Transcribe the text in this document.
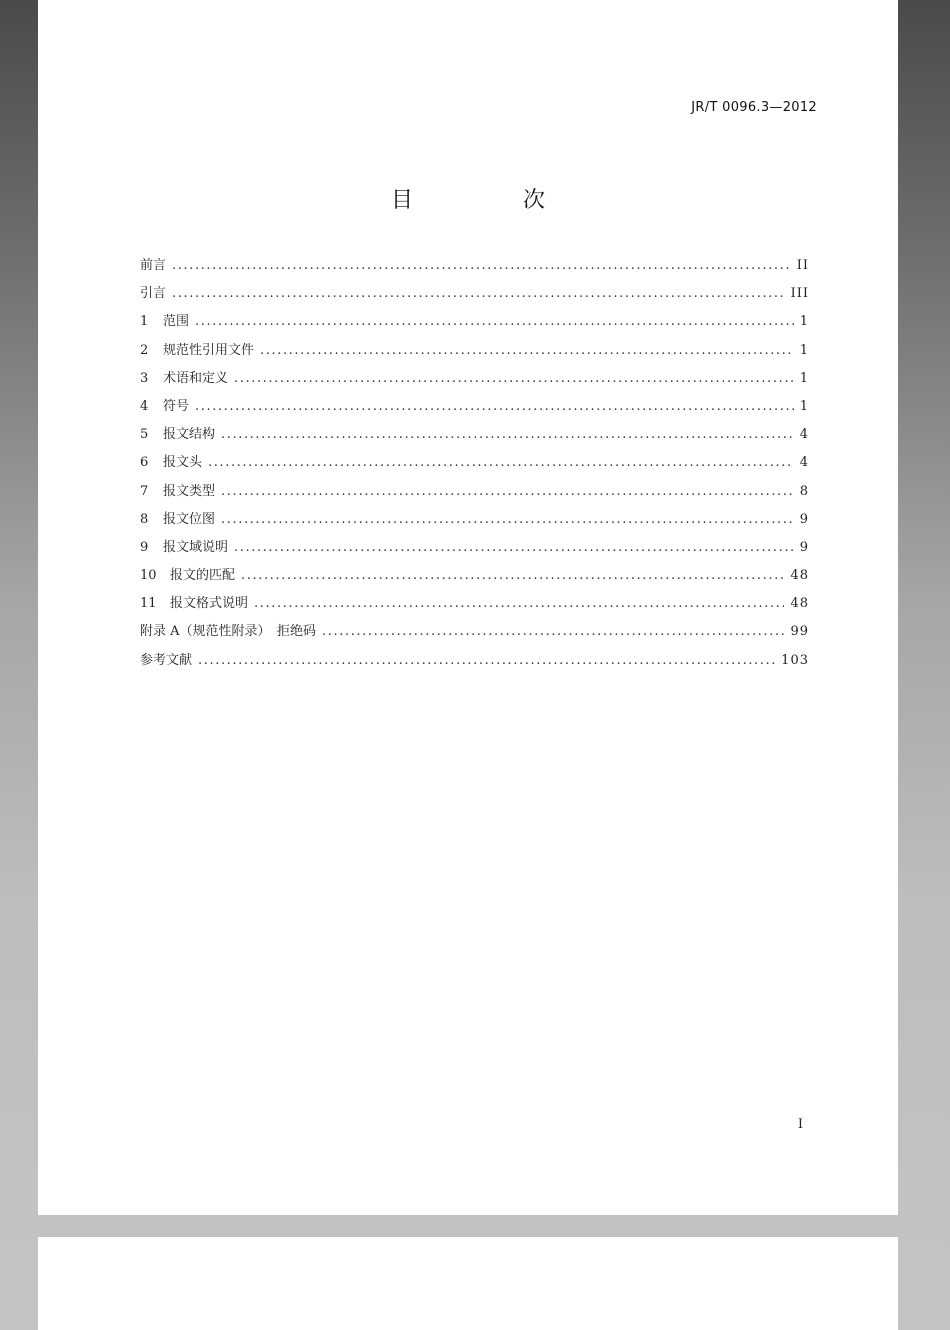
JR/T 0096.3—2012
目　次
前言 .....	II
引言 .....	III
1	范围 .....	1
2	规范性引用文件 .....	1
3	术语和定义 .....	1
4	符号 .....	1
5	报文结构 .....	4
6	报文头 .....	4
7	报文类型 .....	8
8	报文位图 .....	9
9	报文域说明 .....	9
10	报文的匹配 .....	48
11	报文格式说明 .....	48
附录 A（规范性附录）　拒绝码 .....	99
参考文献 .....	103
I
